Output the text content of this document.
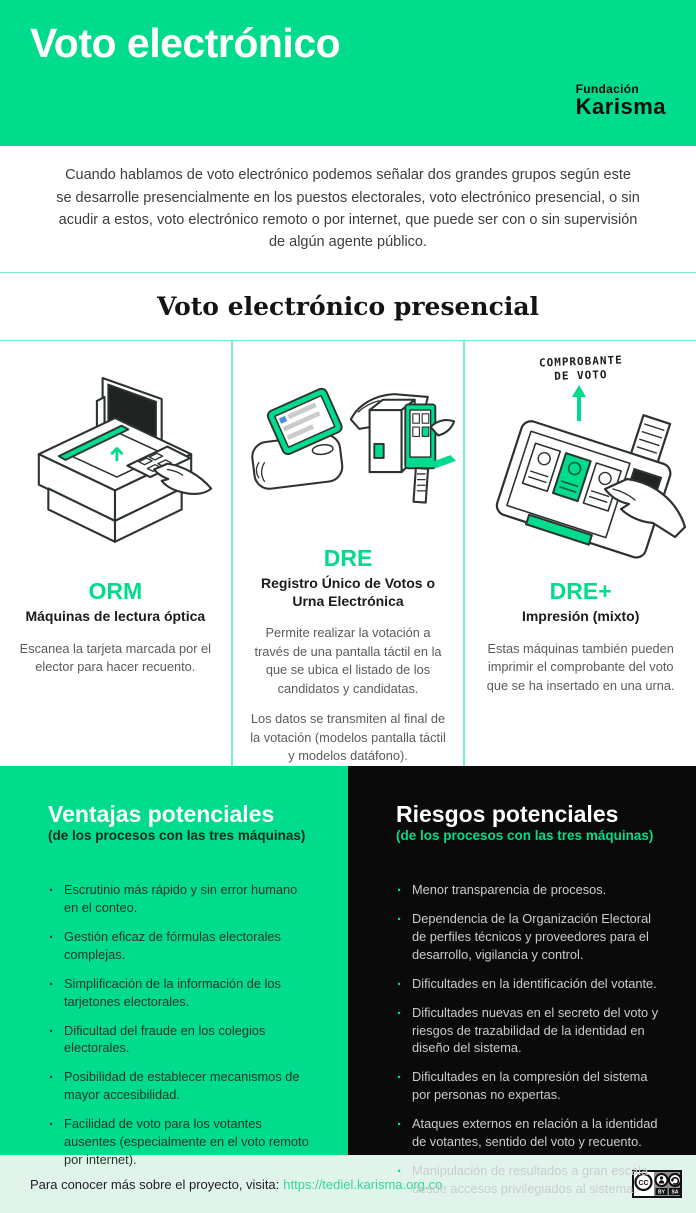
Voto electrónico
Fundación
Karisma

Cuando hablamos de voto electrónico podemos señalar dos grandes grupos según este se desarrolle presencialmente en los puestos electorales, voto electrónico presencial, o sin acudir a estos, voto electrónico remoto o por internet, que puede ser con o sin supervisión de algún agente público.

Voto electrónico presencial
ORM
Máquinas de lectura óptica

Escanea la tarjeta marcada por el elector para hacer recuento.

DRE
Registro Único de Votos o Urna Electrónica

Permite realizar la votación a través de una pantalla táctil en la que se ubica el listado de los candidatos y candidatas.

Los datos se transmiten al final de la votación (modelos pantalla táctil y modelos datáfono).

COMPROBANTE
DE VOTO
DRE+
Impresión (mixto)

Estas máquinas también pueden imprimir el comprobante del voto que se ha insertado en una urna.

Ventajas potenciales
(de los procesos con las tres máquinas)
· Escrutinio más rápido y sin error humano en el conteo.
· Gestión eficaz de fórmulas electorales complejas.
· Simplificación de la información de los tarjetones electorales.
· Dificultad del fraude en los colegios electorales.
· Posibilidad de establecer mecanismos de mayor accesibilidad.
· Facilidad de voto para los votantes ausentes (especialmente en el voto remoto por internet).
Riesgos potenciales
(de los procesos con las tres máquinas)
· Menor transparencia de procesos.
· Dependencia de la Organización Electoral de perfiles técnicos y proveedores para el desarrollo, vigilancia y control.
· Dificultades en la identificación del votante.
· Dificultades nuevas en el secreto del voto y riesgos de trazabilidad de la identidad en diseño del sistema.
· Dificultades en la compresión del sistema por personas no expertas.
· Ataques externos en relación a la identidad de votantes, sentido del voto y recuento.
· Manipulación de resultados a gran escala desde accesos privilegiados al sistema.
Para conocer más sobre el proyecto, visita: https://tediel.karisma.org.co	CC
BY SA
